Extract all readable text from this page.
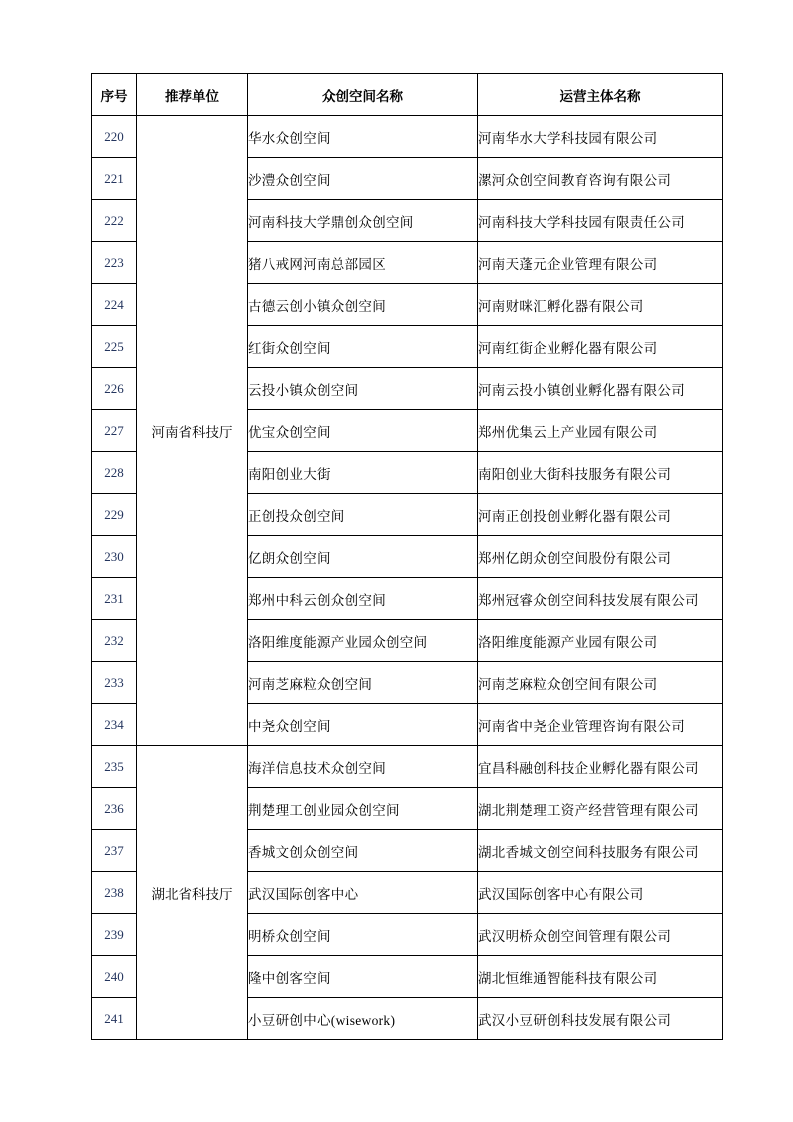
序号	推荐单位	众创空间名称	运营主体名称
220	河南省科技厅	华水众创空间	河南华水大学科技园有限公司
221		沙澧众创空间	漯河众创空间教育咨询有限公司
222		河南科技大学鼎创众创空间	河南科技大学科技园有限责任公司
223		猪八戒网河南总部园区	河南天蓬元企业管理有限公司
224		古德云创小镇众创空间	河南财咪汇孵化器有限公司
225		红街众创空间	河南红街企业孵化器有限公司
226		云投小镇众创空间	河南云投小镇创业孵化器有限公司
227		优宝众创空间	郑州优集云上产业园有限公司
228		南阳创业大街	南阳创业大街科技服务有限公司
229		正创投众创空间	河南正创投创业孵化器有限公司
230		亿朗众创空间	郑州亿朗众创空间股份有限公司
231		郑州中科云创众创空间	郑州冠睿众创空间科技发展有限公司
232		洛阳维度能源产业园众创空间	洛阳维度能源产业园有限公司
233		河南芝麻粒众创空间	河南芝麻粒众创空间有限公司
234		中尧众创空间	河南省中尧企业管理咨询有限公司
235	湖北省科技厅	海洋信息技术众创空间	宜昌科融创科技企业孵化器有限公司
236		荆楚理工创业园众创空间	湖北荆楚理工资产经营管理有限公司
237		香城文创众创空间	湖北香城文创空间科技服务有限公司
238		武汉国际创客中心	武汉国际创客中心有限公司
239		明桥众创空间	武汉明桥众创空间管理有限公司
240		隆中创客空间	湖北恒维通智能科技有限公司
241		小豆研创中心(wisework)	武汉小豆研创科技发展有限公司
